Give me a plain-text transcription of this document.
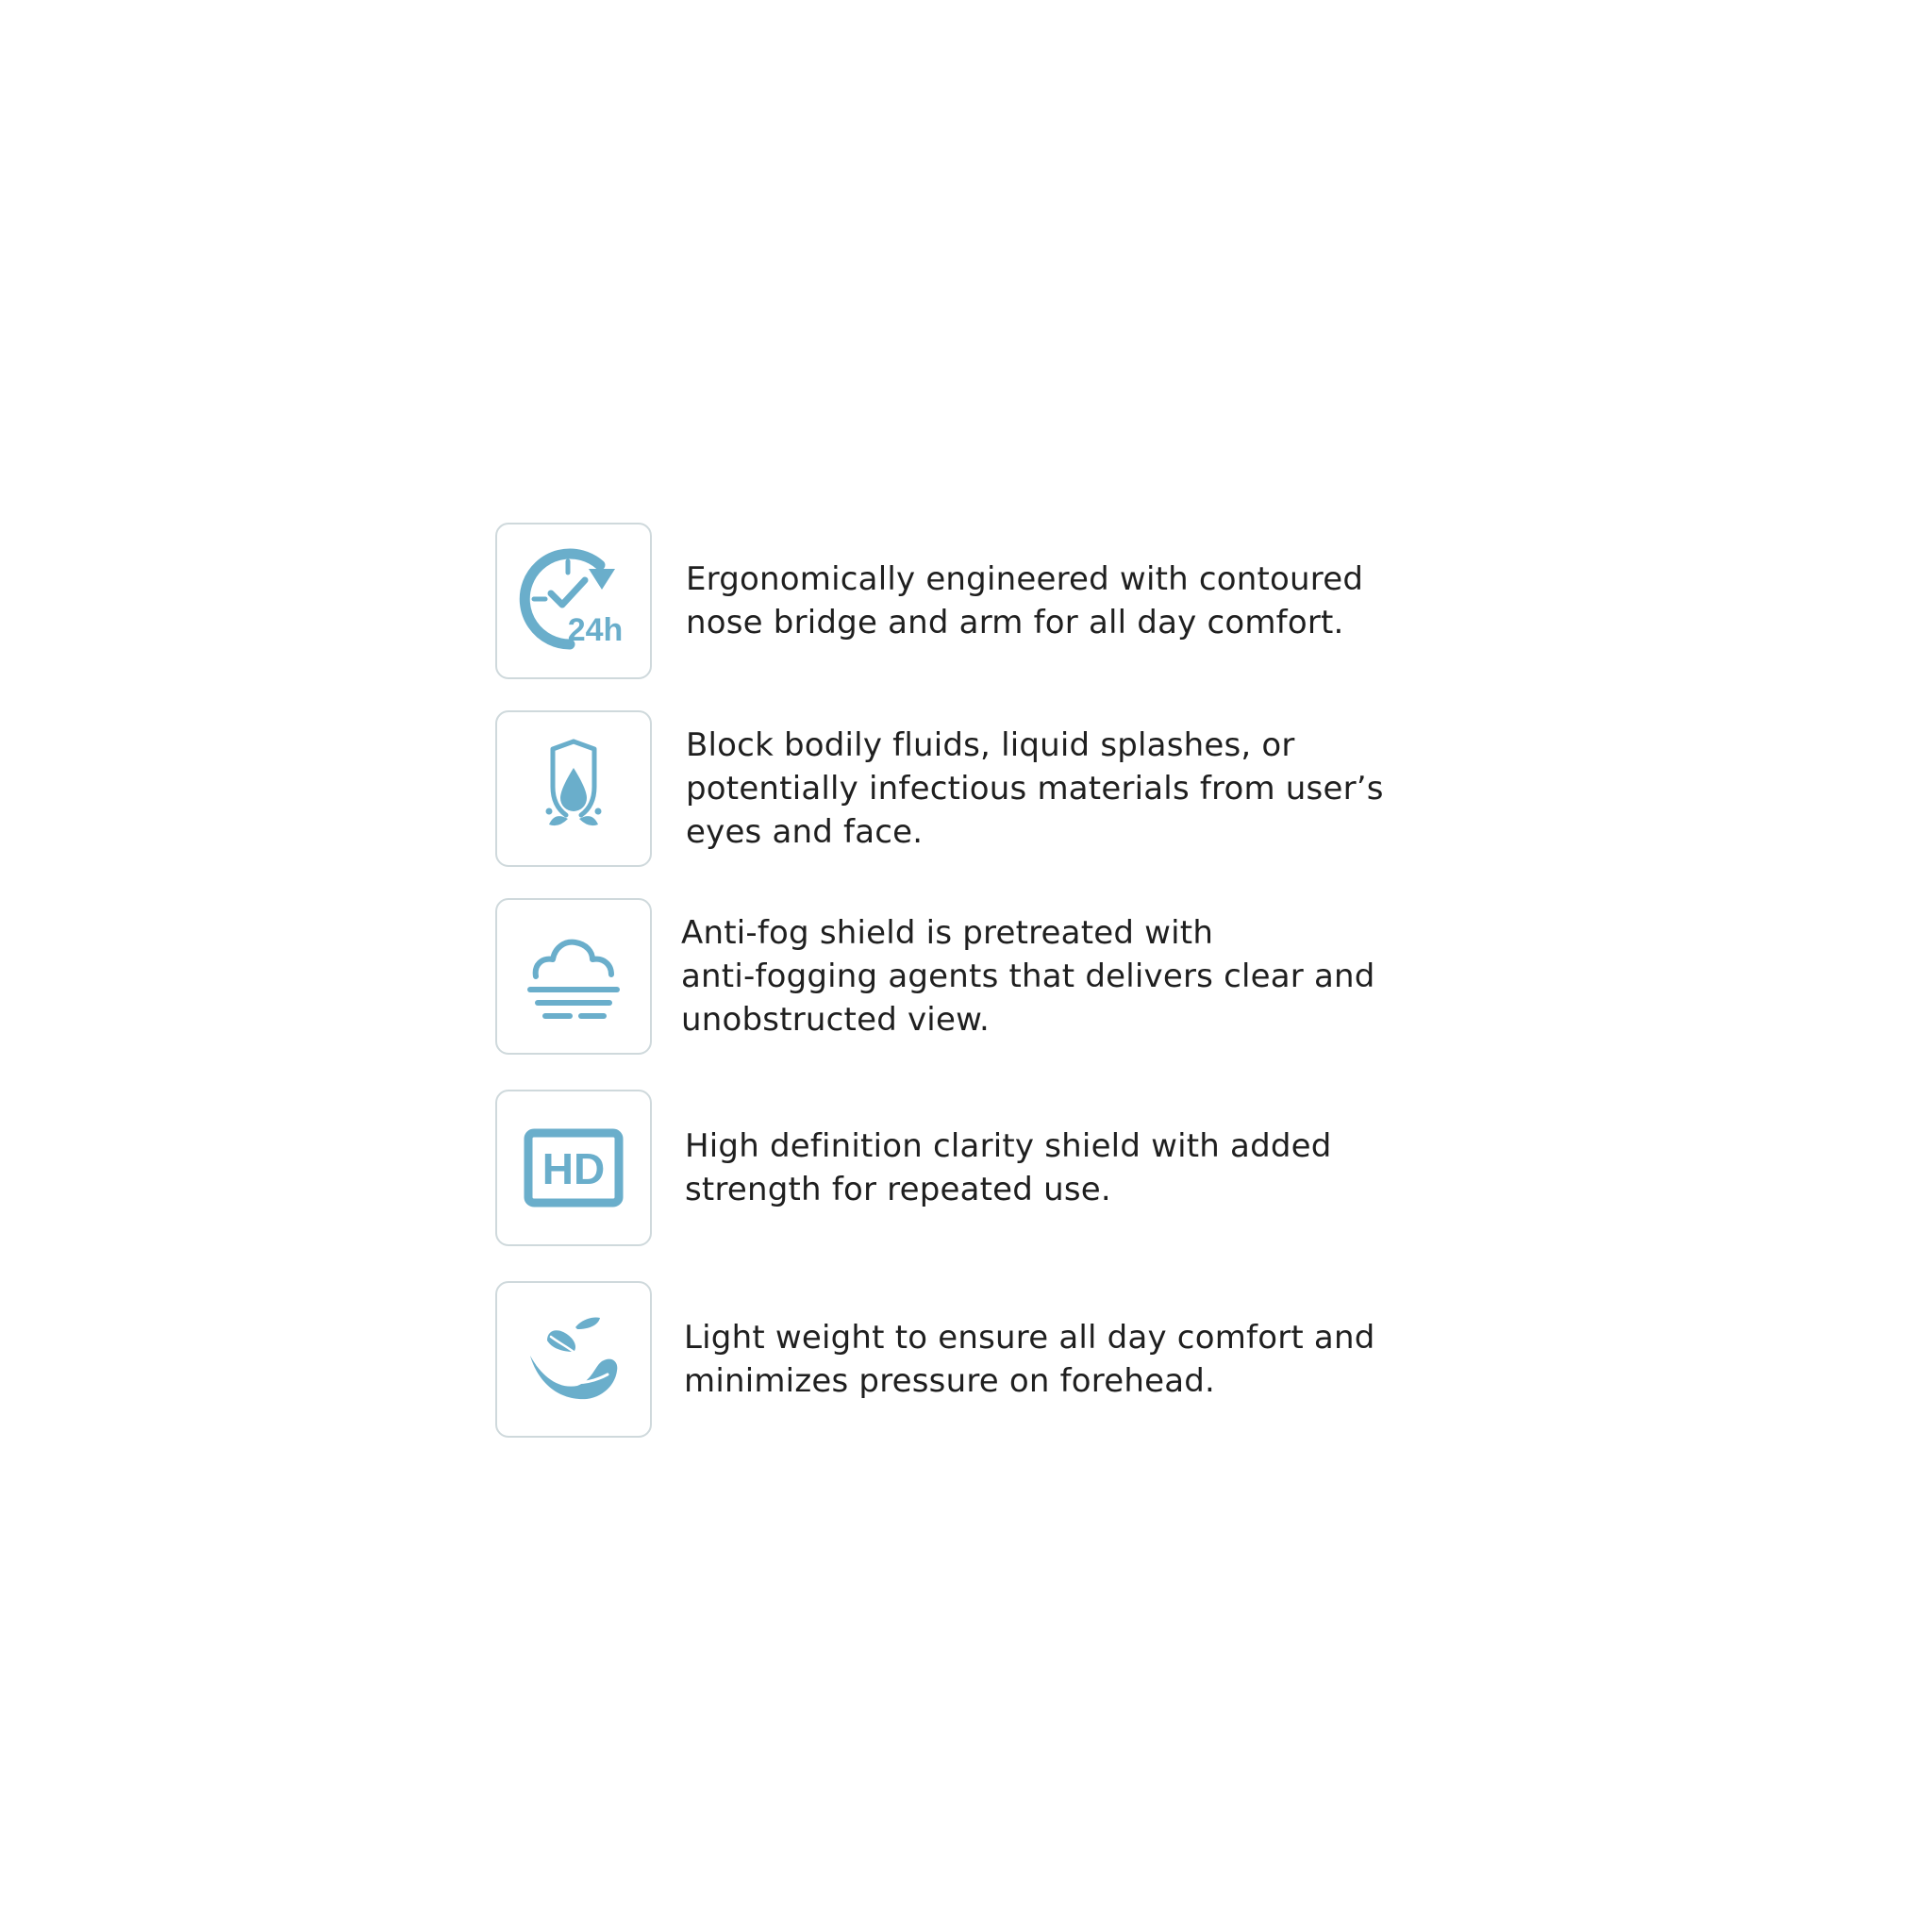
24h
Ergonomically engineered with contoured
nose bridge and arm for all day comfort.
Block bodily fluids, liquid splashes, or
potentially infectious materials from user’s
eyes and face.
Anti-fog shield is pretreated with
anti-fogging agents that delivers clear and
unobstructed view.
HD High definition clarity shield with added
strength for repeated use.
Light weight to ensure all day comfort and
minimizes pressure on forehead.
